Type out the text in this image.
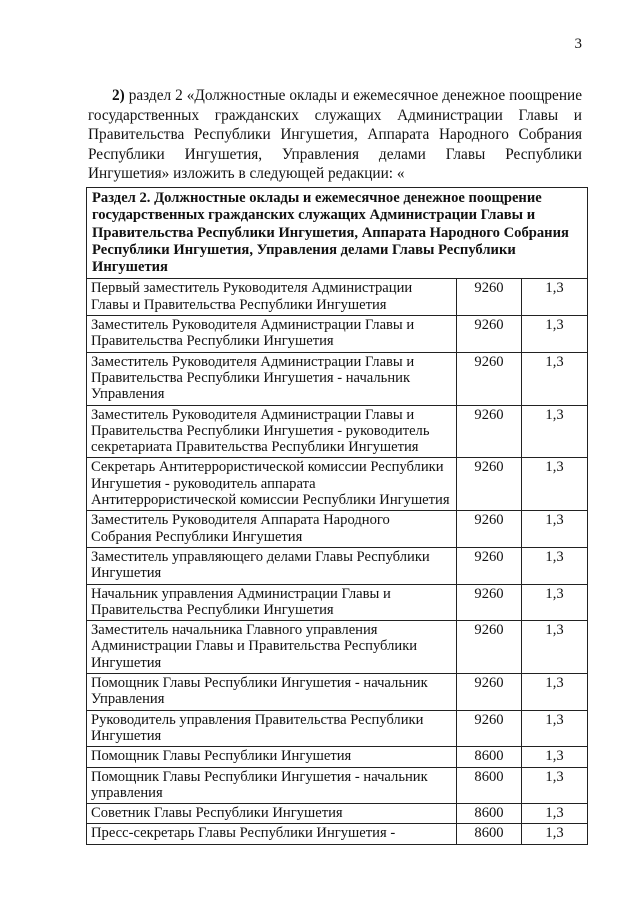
3

2) раздел 2 «Должностные оклады и ежемесячное денежное поощрение государственных гражданских служащих Администрации Главы и Правительства Республики Ингушетия, Аппарата Народного Собрания Республики Ингушетия, Управления делами Главы Республики Ингушетия» изложить в следующей редакции: «

Раздел 2. Должностные оклады и ежемесячное денежное поощрение государственных гражданских служащих Администрации Главы и Правительства Республики Ингушетия, Аппарата Народного Собрания Республики Ингушетия, Управления делами Главы Республики Ингушетия		
Первый заместитель Руководителя Администрации Главы и Правительства Республики Ингушетия	9260	1,3
Заместитель Руководителя Администрации Главы и Правительства Республики Ингушетия	9260	1,3
Заместитель Руководителя Администрации Главы и Правительства Республики Ингушетия - начальник Управления	9260	1,3
Заместитель Руководителя Администрации Главы и Правительства Республики Ингушетия - руководитель секретариата Правительства Республики Ингушетия	9260	1,3
Секретарь Антитеррористической комиссии Республики Ингушетия - руководитель аппарата Антитеррористической комиссии Республики Ингушетия	9260	1,3
Заместитель Руководителя Аппарата Народного Собрания Республики Ингушетия	9260	1,3
Заместитель управляющего делами Главы Республики Ингушетия	9260	1,3
Начальник управления Администрации Главы и Правительства Республики Ингушетия	9260	1,3
Заместитель начальника Главного управления Администрации Главы и Правительства Республики Ингушетия	9260	1,3
Помощник Главы Республики Ингушетия - начальник Управления	9260	1,3
Руководитель управления Правительства Республики Ингушетия	9260	1,3
Помощник Главы Республики Ингушетия	8600	1,3
Помощник Главы Республики Ингушетия - начальник управления	8600	1,3
Советник Главы Республики Ингушетия	8600	1,3
Пресс-секретарь Главы Республики Ингушетия -	8600	1,3
